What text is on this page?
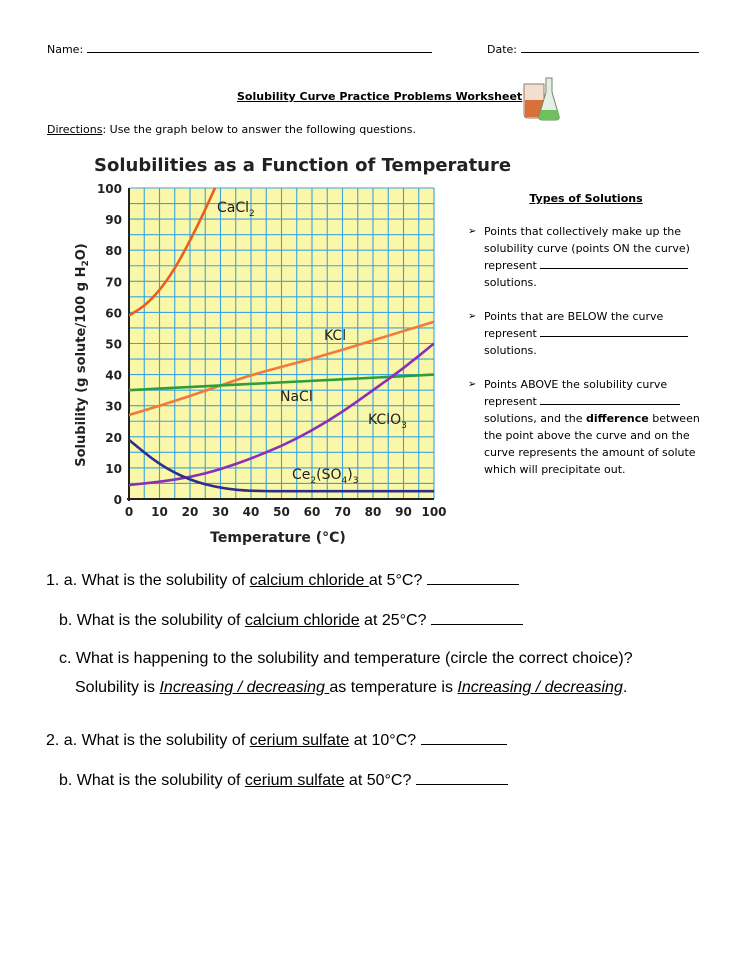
Name:	Date:
Solubility Curve Practice Problems Worksheet
Directions: Use the graph below to answer the following questions.
Solubilities as a Function of Temperature
0 10 20 30 40 50 60 70 80 90 100
0
10
20
30
40
50
60
70
80
90
100
CaCl$_2$
KCl
NaCl
KClO$_3$
$Ce_2(SO_4)_3$
Temperature (°C)
Solubility (g solute/100 g $H_2O$)
Types of Solutions
➢ Points that collectively make up the solubility curve (points ON the curve) represent  solutions.
➢ Points that are BELOW the curve represent  solutions.
➢ Points ABOVE the solubility curve represent  solutions, and the difference between the point above the curve and on the curve represents the amount of solute which will precipitate out.
1. a. What is the solubility of calcium chloride at 5°C?
b. What is the solubility of calcium chloride at 25°C?
c. What is happening to the solubility and temperature (circle the correct choice)?
Solubility is Increasing / decreasing as temperature is Increasing / decreasing.
2. a. What is the solubility of cerium sulfate at 10°C?
b. What is the solubility of cerium sulfate at 50°C?
